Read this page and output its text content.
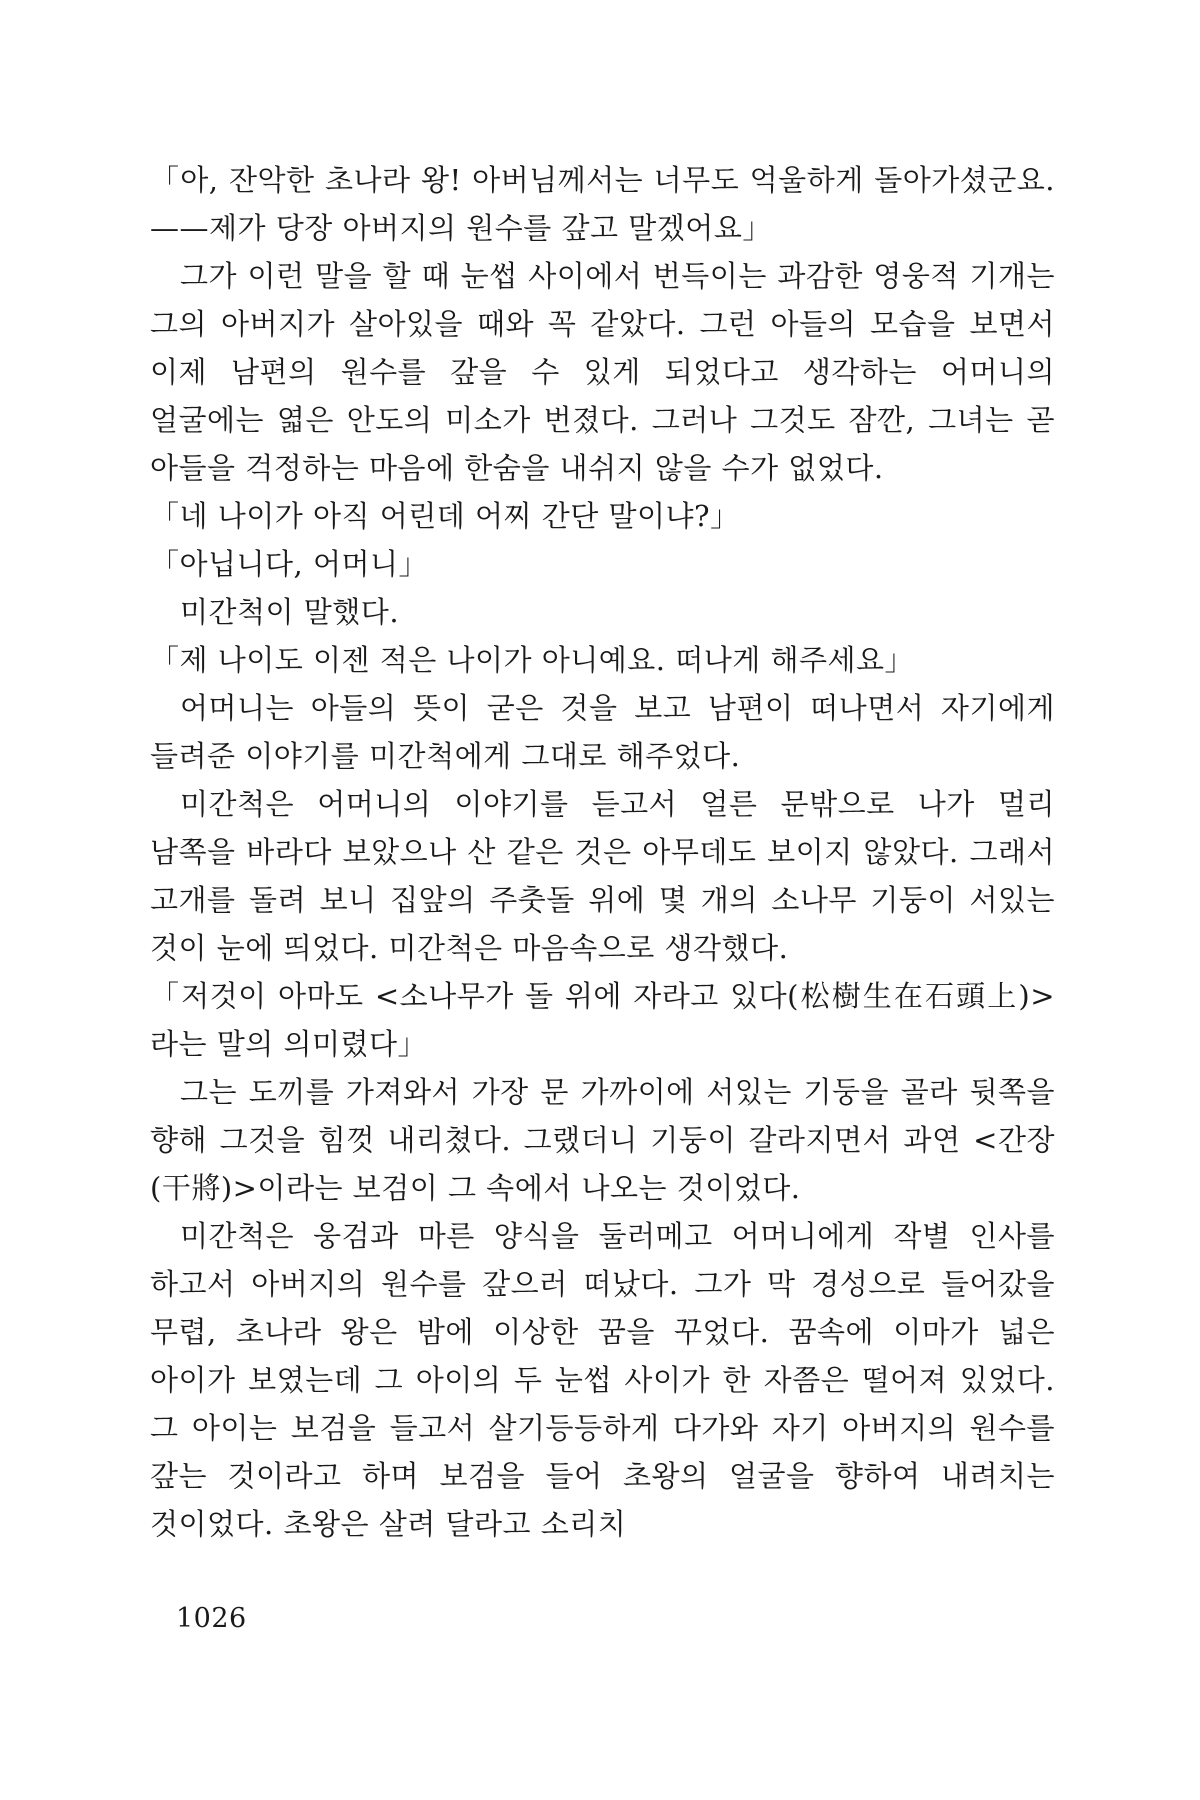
「아, 잔악한 초나라 왕! 아버님께서는 너무도 억울하게 돌아가셨군요. ——제가 당장 아버지의 원수를 갚고 말겠어요」

그가 이런 말을 할 때 눈썹 사이에서 번득이는 과감한 영웅적 기개는 그의 아버지가 살아있을 때와 꼭 같았다. 그런 아들의 모습을 보면서 이제 남편의 원수를 갚을 수 있게 되었다고 생각하는 어머니의 얼굴에는 엷은 안도의 미소가 번졌다. 그러나 그것도 잠깐, 그녀는 곧 아들을 걱정하는 마음에 한숨을 내쉬지 않을 수가 없었다.

「네 나이가 아직 어린데 어찌 간단 말이냐?」

「아닙니다, 어머니」

미간척이 말했다.

「제 나이도 이젠 적은 나이가 아니예요. 떠나게 해주세요」

어머니는 아들의 뜻이 굳은 것을 보고 남편이 떠나면서 자기에게 들려준 이야기를 미간척에게 그대로 해주었다.

미간척은 어머니의 이야기를 듣고서 얼른 문밖으로 나가 멀리 남쪽을 바라다 보았으나 산 같은 것은 아무데도 보이지 않았다. 그래서 고개를 돌려 보니 집앞의 주춧돌 위에 몇 개의 소나무 기둥이 서있는 것이 눈에 띄었다. 미간척은 마음속으로 생각했다.

「저것이 아마도 <소나무가 돌 위에 자라고 있다(松樹生在石頭上)>라는 말의 의미렸다」

그는 도끼를 가져와서 가장 문 가까이에 서있는 기둥을 골라 뒷쪽을 향해 그것을 힘껏 내리쳤다. 그랬더니 기둥이 갈라지면서 과연 <간장(干將)>이라는 보검이 그 속에서 나오는 것이었다.

미간척은 웅검과 마른 양식을 둘러메고 어머니에게 작별 인사를 하고서 아버지의 원수를 갚으러 떠났다. 그가 막 경성으로 들어갔을 무렵, 초나라 왕은 밤에 이상한 꿈을 꾸었다. 꿈속에 이마가 넓은 아이가 보였는데 그 아이의 두 눈썹 사이가 한 자쯤은 떨어져 있었다. 그 아이는 보검을 들고서 살기등등하게 다가와 자기 아버지의 원수를 갚는 것이라고 하며 보검을 들어 초왕의 얼굴을 향하여 내려치는 것이었다. 초왕은 살려 달라고 소리치

1026
